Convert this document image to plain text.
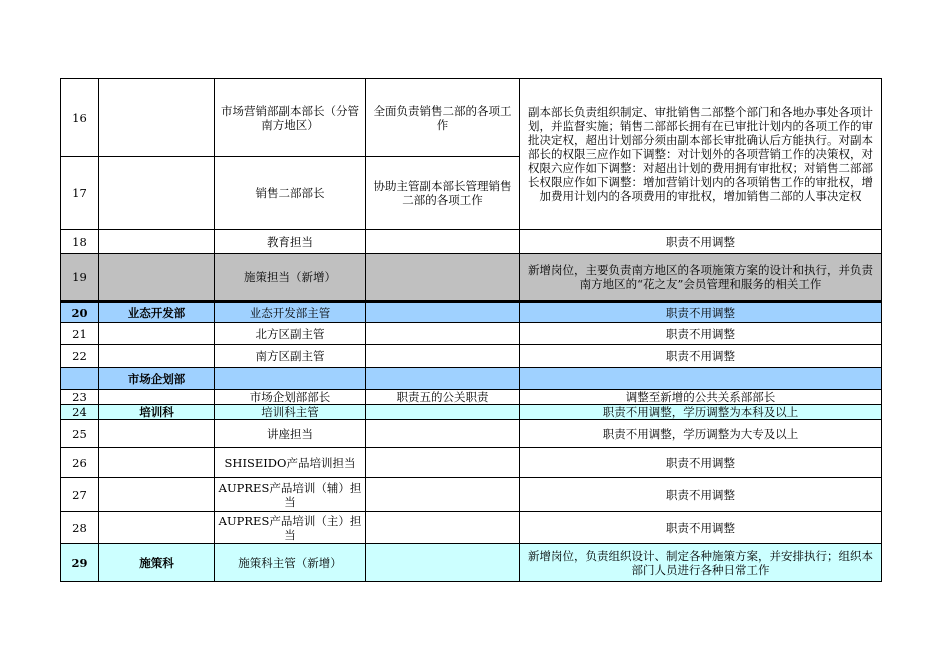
16		市场营销部副本部长（分管南方地区）	全面负责销售二部的各项工作	副本部长负责组织制定、审批销售二部整个部门和各地办事处各项计划，并监督实施；销售二部部长拥有在已审批计划内的各项工作的审批决定权，超出计划部分须由副本部长审批确认后方能执行。对副本部长的权限三应作如下调整：对计划外的各项营销工作的决策权，对权限六应作如下调整：对超出计划的费用拥有审批权；对销售二部部长权限应作如下调整：增加营销计划内的各项销售工作的审批权，增加费用计划内的各项费用的审批权，增加销售二部的人事决定权
17		销售二部部长	协助主管副本部长管理销售二部的各项工作	
18		教育担当		职责不用调整
19		施策担当（新增）		新增岗位，主要负责南方地区的各项施策方案的设计和执行，并负责南方地区的“花之友”会员管理和服务的相关工作
20	业态开发部	业态开发部主管		职责不用调整
21		北方区副主管		职责不用调整
22		南方区副主管		职责不用调整
	市场企划部			
23		市场企划部部长	职责五的公关职责	调整至新增的公共关系部部长
24	培训科	培训科主管		职责不用调整，学历调整为本科及以上
25		讲座担当		职责不用调整，学历调整为大专及以上
26		SHISEIDO产品培训担当		职责不用调整
27		AUPRES产品培训（辅）担当		职责不用调整
28		AUPRES产品培训（主）担当		职责不用调整
29	施策科	施策科主管（新增）		新增岗位，负责组织设计、制定各种施策方案，并安排执行；组织本部门人员进行各种日常工作
